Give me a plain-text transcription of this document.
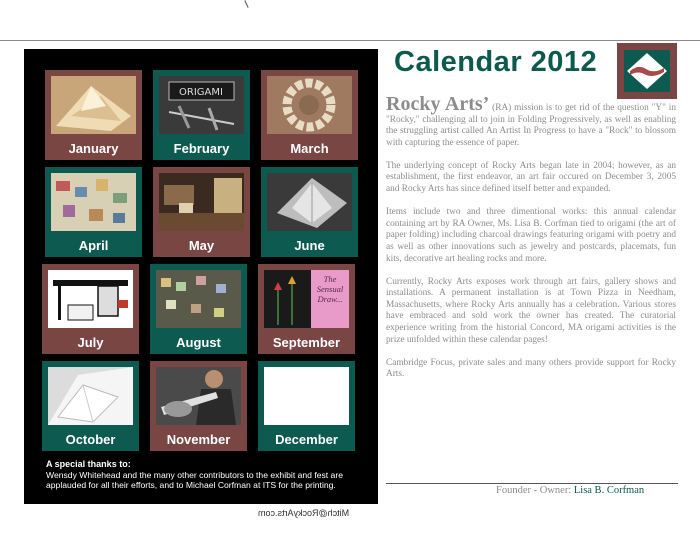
January
ORIGAMI
February	March
April	May	June
July	August
The Sensual Draw...
September
October	November	December
A special thanks to:
Wensdy Whitehead and the many other contributors to the exhibit and fest are applauded for all their efforts, and to Michael Corfman at ITS for the printing.
Mitch@RockyArts.com
Calendar 2012

Rocky Arts’ (RA) mission is to get rid of the question "Y" in "Rocky," challenging all to join in Folding Progressively, as well as enabling the struggling artist called An Artist In Progress to have a "Rock" to blossom with capturing the essence of paper.

The underlying concept of Rocky Arts began late in 2004; however, as an establishment, the first endeavor, an art fair occured on December 3, 2005 and Rocky Arts has since defined itself better and expanded.

Items include two and three dimentional works: this annual calendar containing art by RA Owner, Ms. Lisa B. Corfman tied to origami (the art of paper folding) including charcoal drawings featuring origami with poetry and as well as other innovations such as jewelry and postcards, placemats, fun kits, decorative art healing rocks and more.

Currently, Rocky Arts exposes work through art fairs, gallery shows and installations. A permanent installation is at Town Pizza in Needham, Massachusetts, where Rocky Arts annually has a celebration. Various stores have embraced and sold work the owner has created. The curatorial experience writing from the historial Concord, MA origami activities is the prize unfolded within these calendar pages!

Cambridge Focus, private sales and many others provide support for Rocky Arts.

Founder - Owner: Lisa B. Corfman
